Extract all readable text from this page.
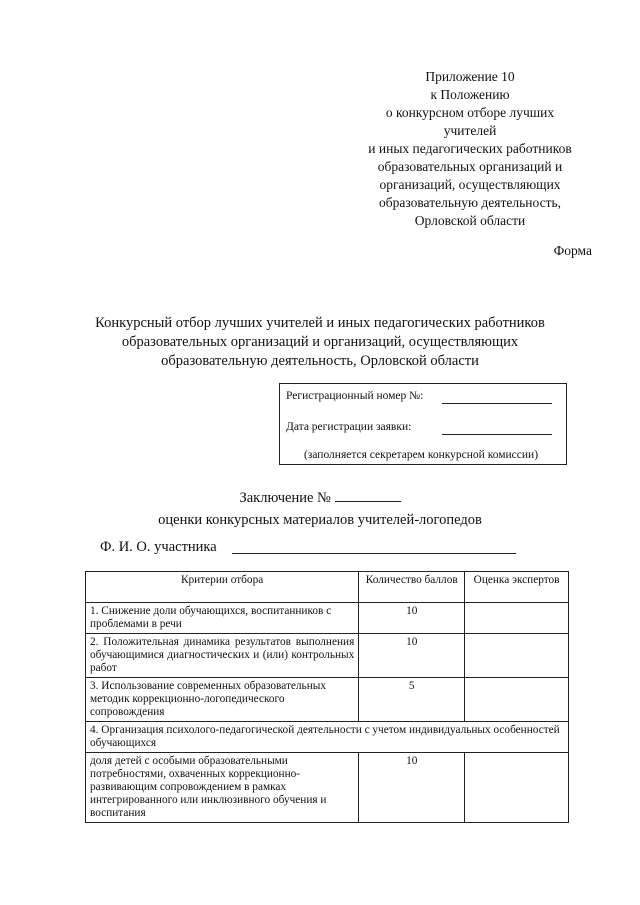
Приложение 10
к Положению
о конкурсном отборе лучших
учителей
и иных педагогических работников
образовательных организаций и
организаций, осуществляющих
образовательную деятельность,
Орловской области
Форма
Конкурсный отбор лучших учителей и иных педагогических работников
образовательных организаций и организаций, осуществляющих
образовательную деятельность, Орловской области
Регистрационный номер №:
Дата регистрации заявки:
(заполняется секретарем конкурсной комиссии)
Заключение №
оценки конкурсных материалов учителей-логопедов
Ф. И. О. участника
Критерии отбора	Количество баллов	Оценка экспертов
1. Снижение доли обучающихся, воспитанников с проблемами в речи	10	
2. Положительная динамика результатов выполнения обучающимися диагностических и (или) контрольных работ	10	
3. Использование современных образовательных методик коррекционно-логопедического сопровождения	5	
4. Организация психолого-педагогической деятельности с учетом индивидуальных особенностей обучающихся		
доля детей с особыми образовательными потребностями, охваченных коррекционно-развивающим сопровождением в рамках интегрированного или инклюзивного обучения и воспитания	10	
